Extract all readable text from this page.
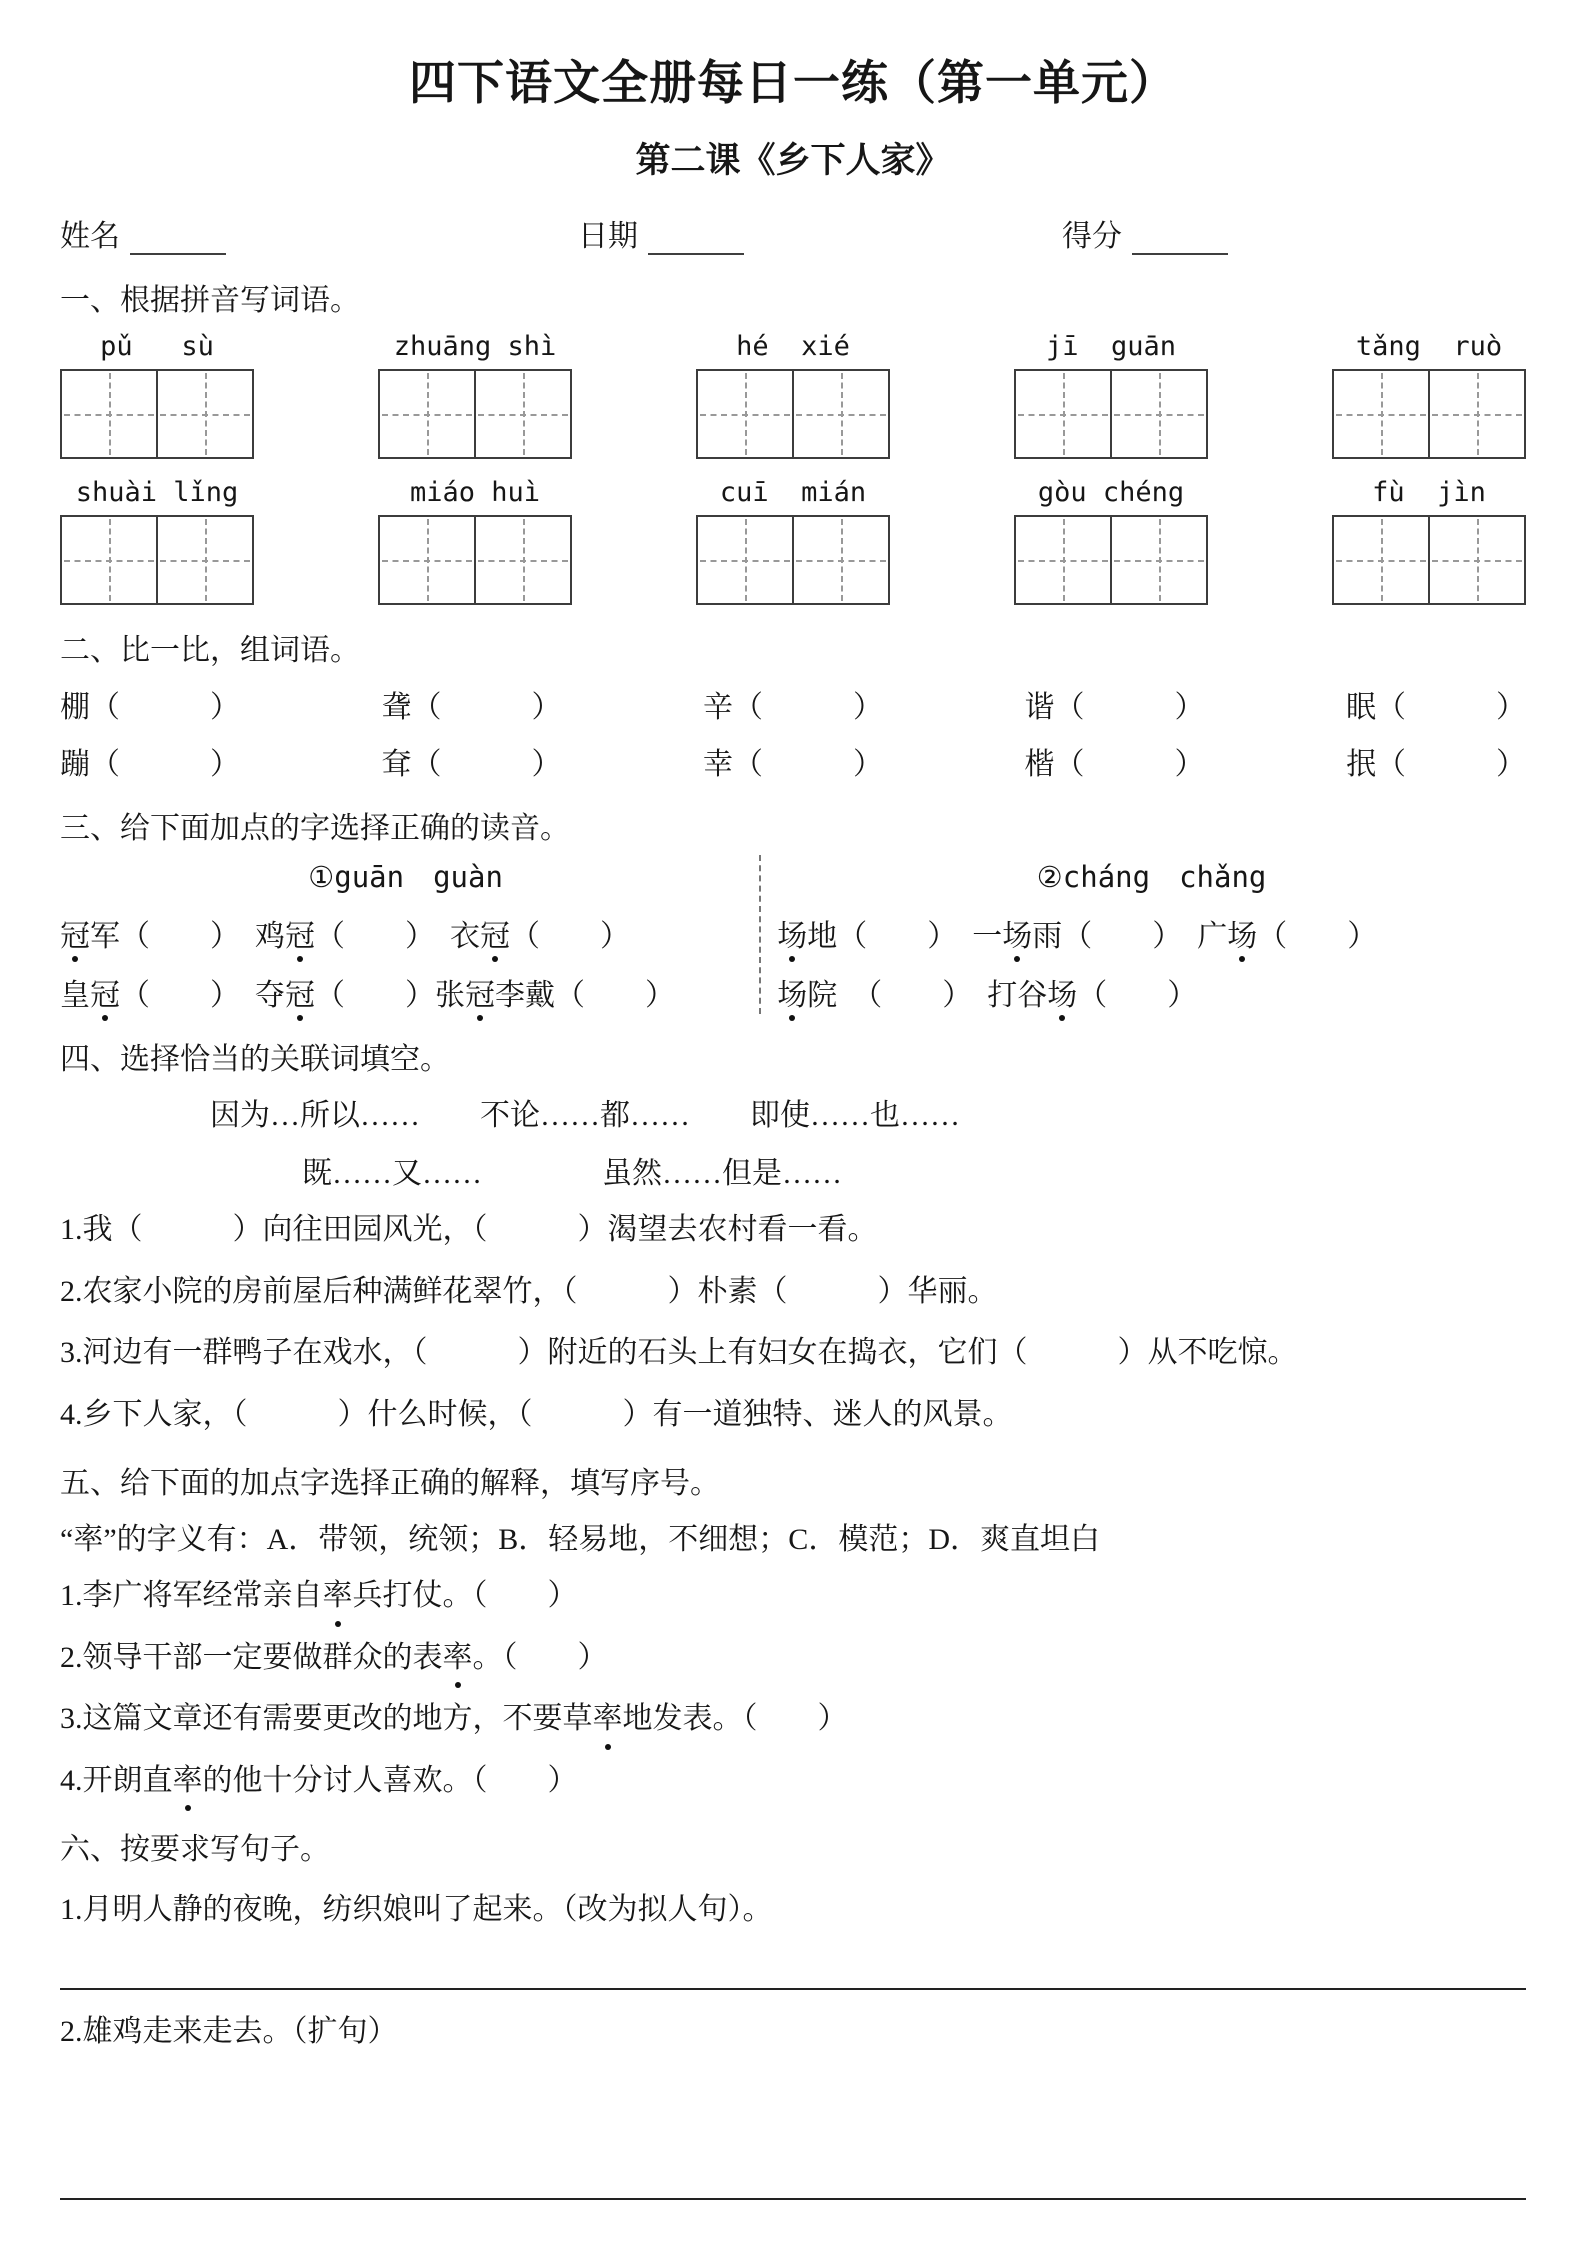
四下语文全册每日一练（第一单元）
第二课《乡下人家》
姓名	日期	得分
一、根据拼音写词语。
pǔ   sù	zhuāng shì	hé  xié	jī  guān	tǎng  ruò
shuài lǐng	miáo huì	cuī  mián	gòu chéng	fù  jìn
二、比一比，组词语。
棚（　　　）	聋（　　　）	辛（　　　）	谐（　　　）	眠（　　　）
蹦（　　　）	耷（　　　）	幸（　　　）	楷（　　　）	抿（　　　）
三、给下面加点的字选择正确的读音。
①guān　guàn
冠军（　　）　鸡冠（　　）　衣冠（　　）
皇冠（　　）　夺冠（　　）张冠李戴（　　）
②cháng　chǎng
场地（　　）　一场雨（　　）　广场（　　）
场院　（　　）　打谷场（　　）
四、选择恰当的关联词填空。
因为…所以……　　不论……都……　　即使……也……
既……又……　　　　虽然……但是……
1.我（　　　）向往田园风光，（　　　）渴望去农村看一看。
2.农家小院的房前屋后种满鲜花翠竹，（　　　）朴素（　　　）华丽。
3.河边有一群鸭子在戏水，（　　　）附近的石头上有妇女在捣衣，它们（　　　）从不吃惊。
4.乡下人家，（　　　）什么时候，（　　　）有一道独特、迷人的风景。
五、给下面的加点字选择正确的解释，填写序号。
“率”的字义有：A．带领，统领；B．轻易地，不细想；C．模范；D．爽直坦白
1.李广将军经常亲自率兵打仗。（　　）
2.领导干部一定要做群众的表率。（　　）
3.这篇文章还有需要更改的地方，不要草率地发表。（　　）
4.开朗直率的他十分讨人喜欢。（　　）
六、按要求写句子。
1.月明人静的夜晚，纺织娘叫了起来。（改为拟人句）。
2.雄鸡走来走去。（扩句）
